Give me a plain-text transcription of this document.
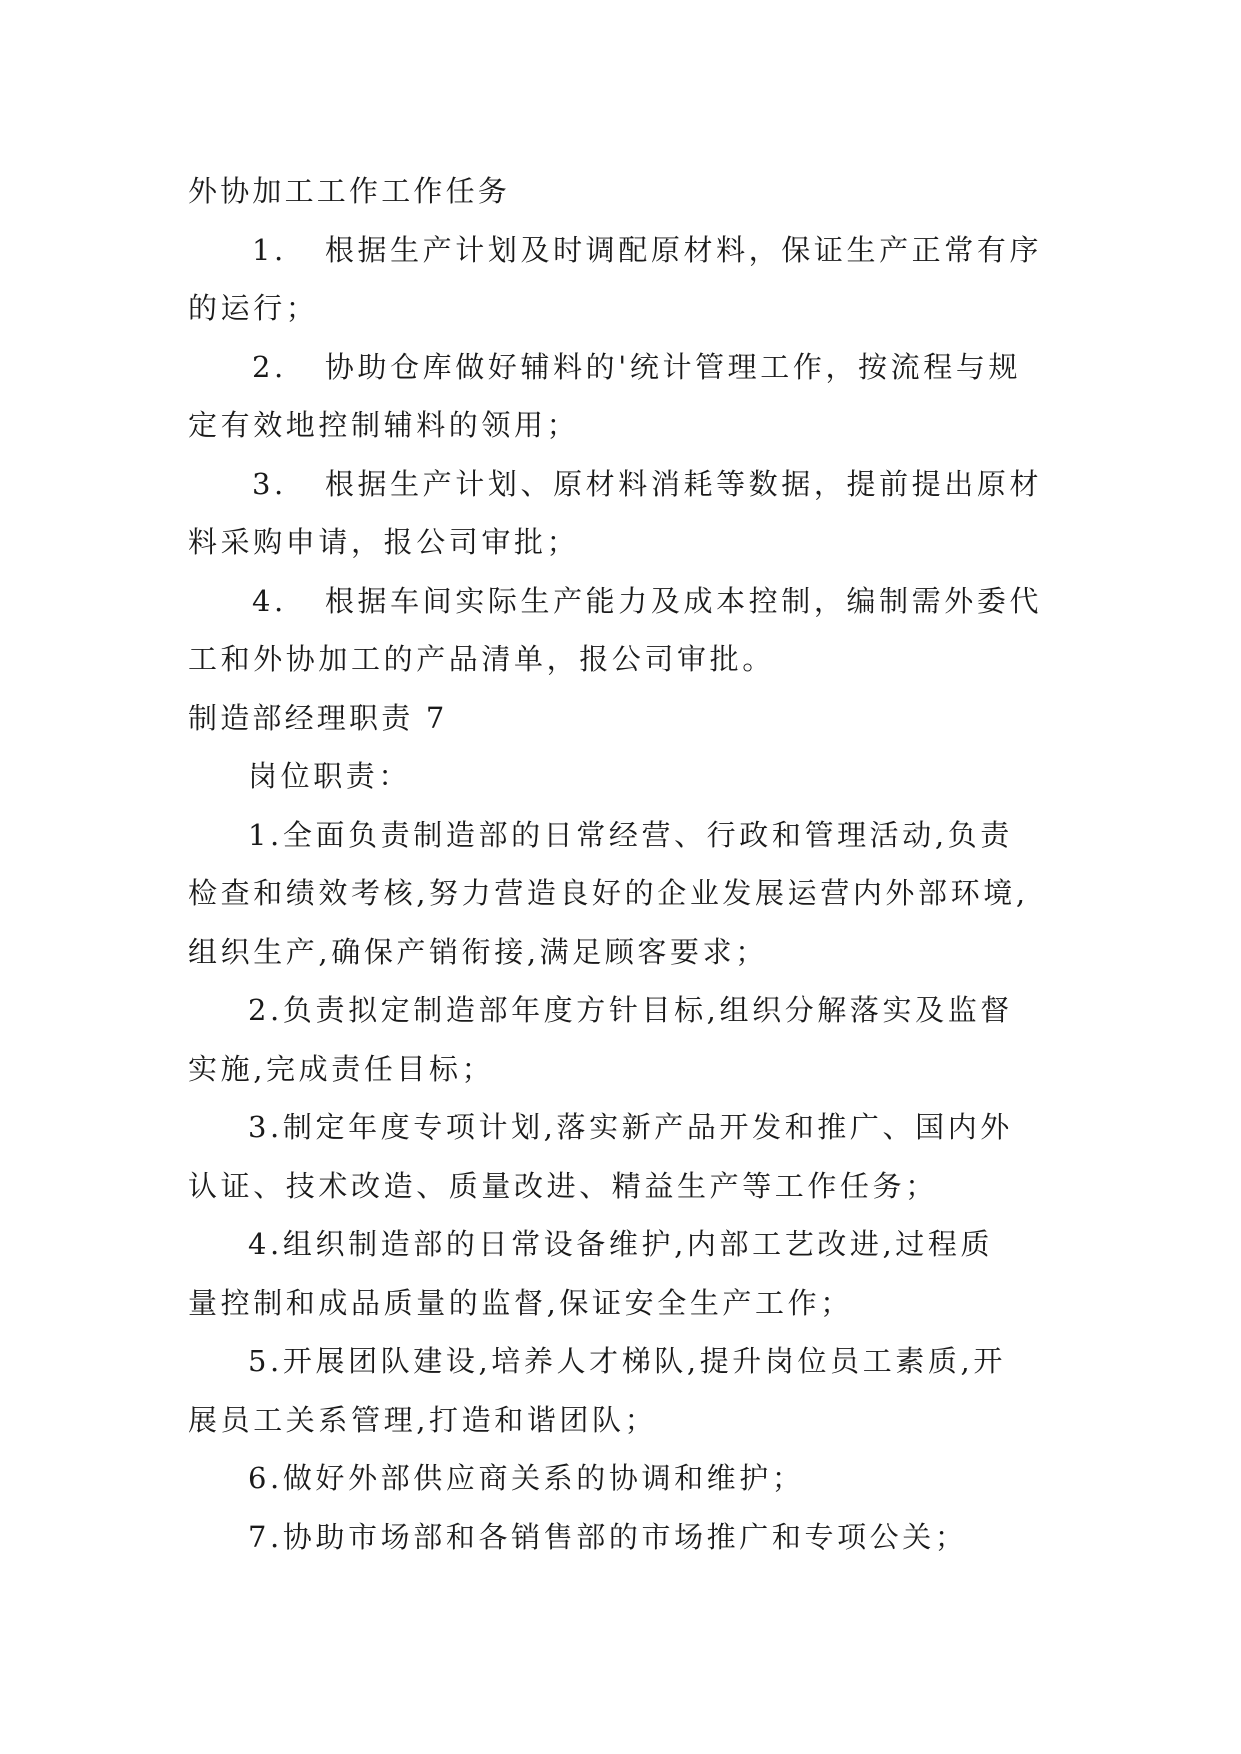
外协加工工作工作任务
1. 根据生产计划及时调配原材料，保证生产正常有序
的运行；
2. 协助仓库做好辅料的'统计管理工作，按流程与规
定有效地控制辅料的领用；
3. 根据生产计划、原材料消耗等数据，提前提出原材
料采购申请，报公司审批；
4. 根据车间实际生产能力及成本控制，编制需外委代
工和外协加工的产品清单，报公司审批。
制造部经理职责 7
岗位职责：
1.全面负责制造部的日常经营、行政和管理活动,负责
检查和绩效考核,努力营造良好的企业发展运营内外部环境,
组织生产,确保产销衔接,满足顾客要求；
2.负责拟定制造部年度方针目标,组织分解落实及监督
实施,完成责任目标；
3.制定年度专项计划,落实新产品开发和推广、国内外
认证、技术改造、质量改进、精益生产等工作任务；
4.组织制造部的日常设备维护,内部工艺改进,过程质
量控制和成品质量的监督,保证安全生产工作；
5.开展团队建设,培养人才梯队,提升岗位员工素质,开
展员工关系管理,打造和谐团队；
6.做好外部供应商关系的协调和维护；
7.协助市场部和各销售部的市场推广和专项公关；
